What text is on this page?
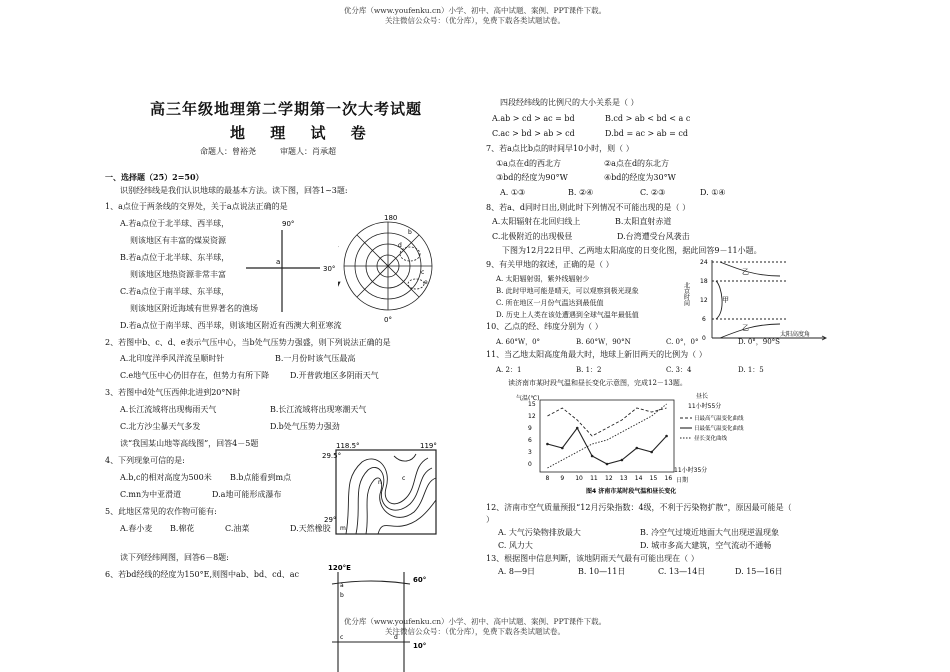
优分库（www.youfenku.cn）小学、初中、高中试题、案例、PPT课件下载。
关注微信公众号：（优分库），免费下载各类试题试卷。
优分库（www.youfenku.cn）小学、初中、高中试题、案例、PPT课件下载。
关注微信公众号：（优分库），免费下载各类试题试卷。
高三年级地理第二学期第一次大考试题
地 理 试 卷
命题人：曾裕尧　　　审题人：肖承超
一、选择题（25）2=50）
识别经纬线是我们认识地球的最基本方法。读下图，回答1~3题:
1、a点位于两条线的交界处，关于a点说法正确的是
A.若a点位于北半球、西半球，
则该地区有丰富的煤炭资源
B.若a点位于北半球、东半球，
则该地区地热资源非常丰富
C.若a点位于南半球、东半球，
则该地区附近海域有世界著名的渔场
D.若a点位于南半球、西半球，则该地区附近有西澳大利亚寒流
2、若图中b、c、d、e表示气压中心，当b处气压势力强盛，则下列说法正确的是
A.北印度洋季风洋流呈顺时针	B.一月份时该气压最高
C.e地气压中心仍旧存在，但势力有所下降	D.开普敦地区多阴雨天气
3、若图中d处气压西伸北进到20°N时
A.长江流域将出现梅雨天气	B.长江流域将出现寒潮天气
C.北方沙尘暴天气多发	D.b处气压势力强劲
读“我国某山地等高线图”，回答4－5题
4、下列现象可信的是:
A.b,c的相对高度为500米 B.b点能看到m点
C.mn为中亚滑道	D.a地可能形成瀑布
5、此地区常见的农作物可能有:
A.春小麦 B.棉花	C.油菜	D.天然橡胶
读下列经纬网图，回答6－8题:
6、若bd经线的经度为150°E,则图中ab、bd、cd、ac
90°
30°
a
180
0°
b
c
d
e
118.5°	119°
29.5°
29°
m
n
c
120°E
60°
10°
a
b
c	d
四段经纬线的比例尺的大小关系是（ ）
A.ab > cd > ac = bd	B.cd > ab < bd < a c
C.ac > bd > ab > cd	D.bd = ac > ab = cd
7、若a点比b点的时间早10小时，则（ ）
①a点在d的西北方	②a点在d的东北方
③bd的经度为90°W	④bd的经度为30°W
A. ①③	B. ②④	C. ②③	D. ①④
8、若a、d同时日出,则此时下列情况不可能出现的是（ ）
A.太阳辐射在北回归线上	B.太阳直射赤道
C.北极附近的出现极昼	D.台湾遭受台风袭击
下图为12月22日甲、乙两地太阳高度的日变化图，据此回答9－11小题。
9、有关甲地的叙述，正确的是（ ）
A. 太阳辐射弱，紫外线辐射少
B. 此时甲地可能是晴天，可以观察到极光现象
C. 所在地区一月份气温达到最低值
D. 历史上人类在该处遭遇到全球气温年最低值
10、乙点的经、纬度分别为（ ）
A. 60°W，0°	B. 60°W，90°N	C. 0°，0°	D. 0°，90°S
11、当乙地太阳高度角最大时，地球上新旧两天的比例为（ ）
A. 2：1	B. 1：2	C. 3：4	D. 1：5
读济南市某时段气温和昼长变化示意图，完成12－13题。
12、济南市空气质量预报“12月污染指数：4级，不利于污染物扩散”，原因最可能是（
）
A. 大气污染物排放最大	B. 冷空气过境近地面大气出现逆温现象
C. 风力大	D. 城市多高大建筑，空气流动不通畅
13、根据图中信息判断，该地阴雨天气最有可能出现在（ ）
A. 8—9日	B. 10—11日	C. 13—14日	D. 15—16日
北京时间
24
18
12
6
0
乙
甲
乙
太阳高度角
气温(℃)	昼长
11小时55分
11小时35分
日期
图4 济南市某时段气温和昼长变化
8 9 10 11 12 13 14 15 16
15
12
9
6
3
0
日最高气温变化曲线
日最低气温变化曲线
昼长变化曲线
